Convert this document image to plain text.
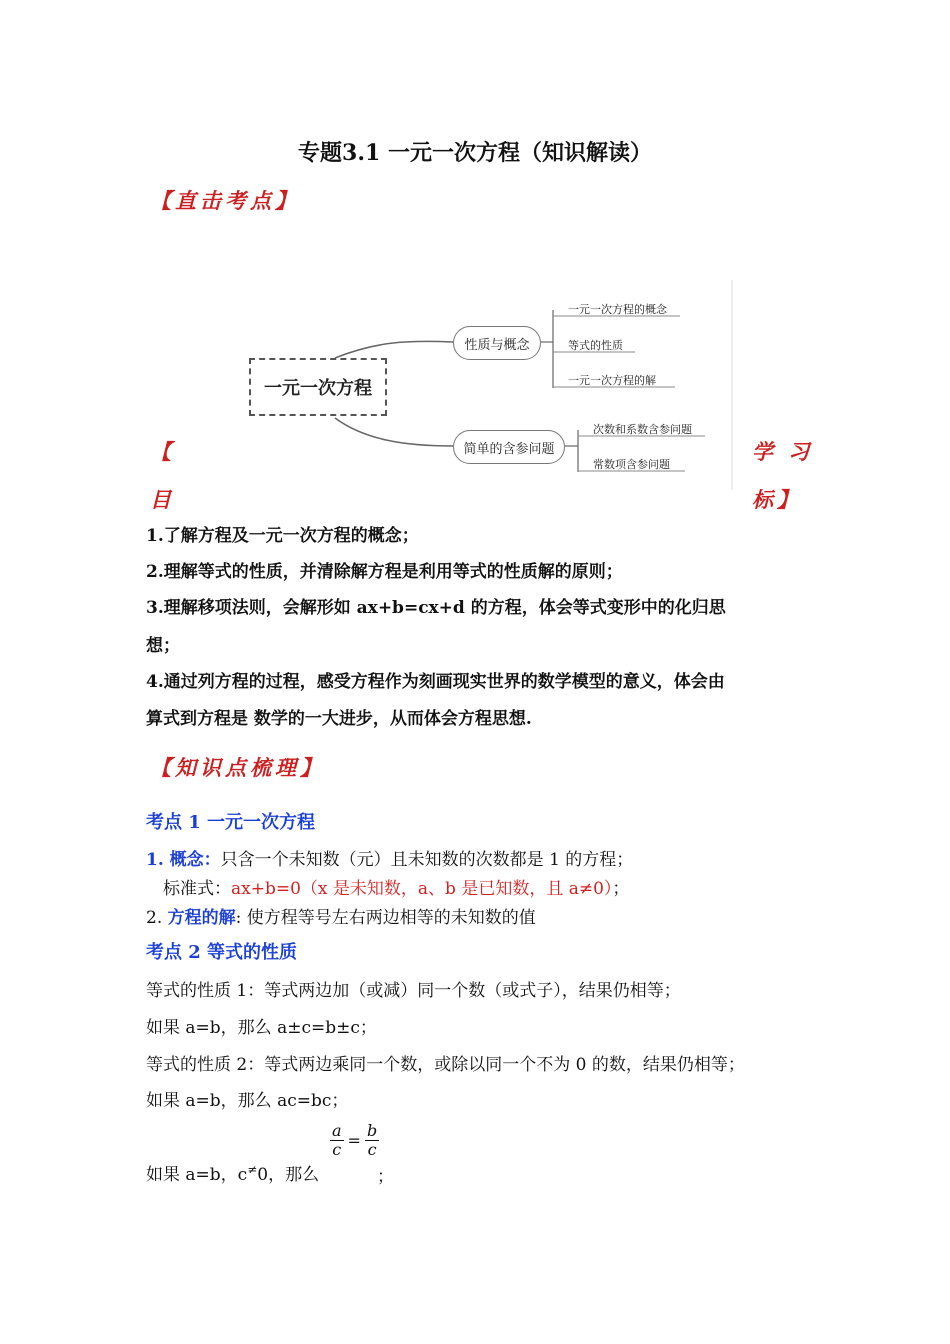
专题3.1 一元一次方程（知识解读）
【直击考点】
一元一次方程
性质与概念
简单的含参问题
一元一次方程的概念
等式的性质
一元一次方程的解
次数和系数含参问题
常数项含参问题
【
目
学 习
标】
1.了解方程及一元一次方程的概念；
2.理解等式的性质，并清除解方程是利用等式的性质解的原则；
3.理解移项法则，会解形如 ax+b=cx+d 的方程，体会等式变形中的化归思
想；
4.通过列方程的过程，感受方程作为刻画现实世界的数学模型的意义，体会由
算式到方程是 数学的一大进步，从而体会方程思想.
【知识点梳理】
考点 1 一元一次方程
1. 概念：只含一个未知数（元）且未知数的次数都是 1 的方程；
标准式：ax+b=0（x 是未知数，a、b 是已知数，且 a≠0）；
2. 方程的解: 使方程等号左右两边相等的未知数的值
考点 2 等式的性质
等式的性质 1：等式两边加（或减）同一个数（或式子），结果仍相等；
如果 a=b，那么 a±c=b±c；
等式的性质 2：等式两边乘同一个数，或除以同一个不为 0 的数，结果仍相等；
如果 a=b，那么 ac=bc；
如果 a=b，c≠0，那么
$\frac{a}{c} = \frac{b}{c}$
；
